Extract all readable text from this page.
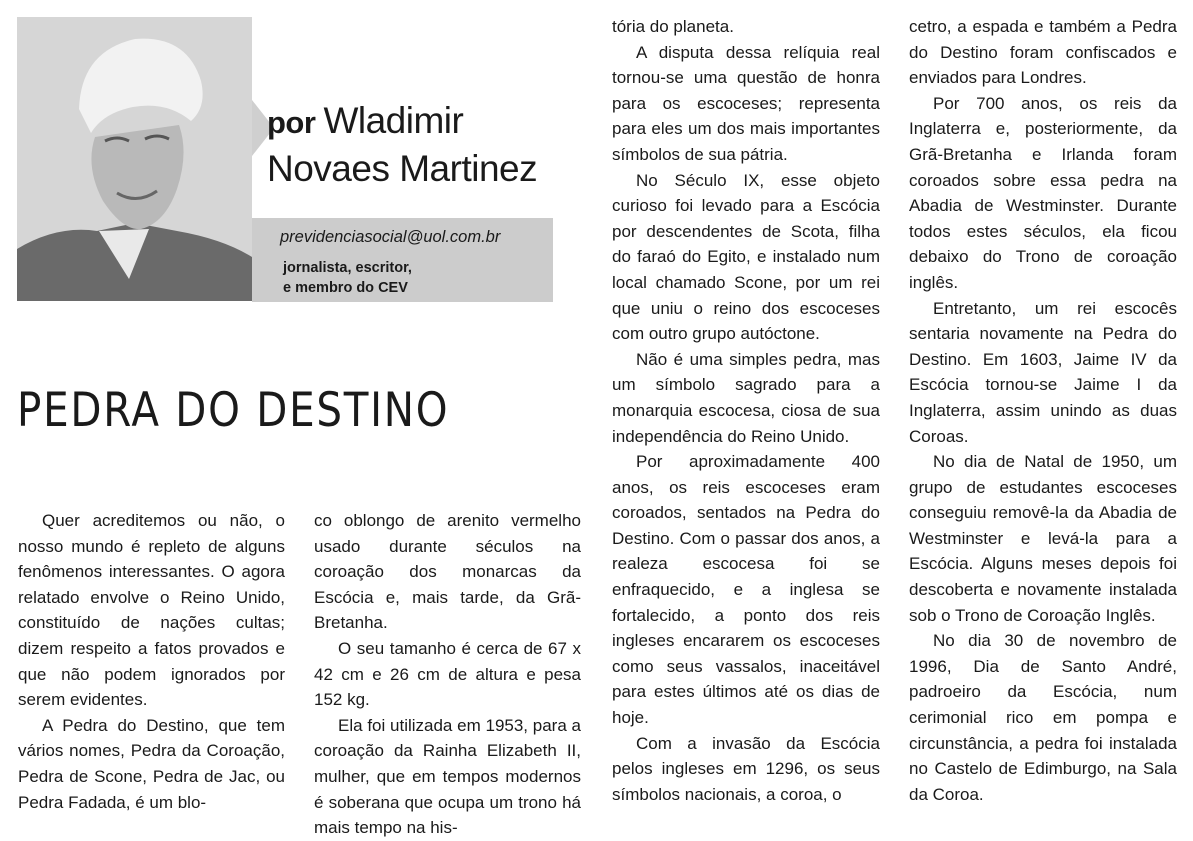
por Wladimir
Novaes Martinez
previdenciasocial@uol.com.br
jornalista, escritor,
e membro do CEV
PEDRA DO DESTINO

Quer acreditemos ou não, o nosso mundo é repleto de alguns fenômenos interessantes. O agora relatado envolve o Reino Unido, constituído de nações cultas; dizem respeito a fatos provados e que não podem ignorados por serem evidentes.

A Pedra do Destino, que tem vários nomes, Pedra da Coroação, Pedra de Scone, Pedra de Jac, ou Pedra Fadada, é um blo-

co oblongo de arenito vermelho usado durante séculos na coroação dos monarcas da Escócia e, mais tarde, da Grã-Bretanha.

O seu tamanho é cerca de 67 x 42 cm e 26 cm de altura e pesa 152 kg.

Ela foi utilizada em 1953, para a coroação da Rainha Elizabeth II, mulher, que em tempos modernos é soberana que ocupa um trono há mais tempo na his-

tória do planeta.

A disputa dessa relíquia real tornou-se uma questão de honra para os escoceses; representa para eles um dos mais importantes símbolos de sua pátria.

No Século IX, esse objeto curioso foi levado para a Escócia por descendentes de Scota, filha do faraó do Egito, e instalado num local chamado Scone, por um rei que uniu o reino dos escoceses com outro grupo autóctone.

Não é uma simples pedra, mas um símbolo sagrado para a monarquia escocesa, ciosa de sua independência do Reino Unido.

Por aproximadamente 400 anos, os reis escoceses eram coroados, sentados na Pedra do Destino. Com o passar dos anos, a realeza escocesa foi se enfraquecido, e a inglesa se fortalecido, a ponto dos reis ingleses encararem os escoceses como seus vassalos, inaceitável para estes últimos até os dias de hoje.

Com a invasão da Escócia pelos ingleses em 1296, os seus símbolos nacionais, a coroa, o

cetro, a espada e também a Pedra do Destino foram confiscados e enviados para Londres.

Por 700 anos, os reis da Inglaterra e, posteriormente, da Grã-Bretanha e Irlanda foram coroados sobre essa pedra na Abadia de Westminster. Durante todos estes séculos, ela ficou debaixo do Trono de coroação inglês.

Entretanto, um rei escocês sentaria novamente na Pedra do Destino. Em 1603, Jaime IV da Escócia tornou-se Jaime I da Inglaterra, assim unindo as duas Coroas.

No dia de Natal de 1950, um grupo de estudantes escoceses conseguiu removê-la da Abadia de Westminster e levá-la para a Escócia. Alguns meses depois foi descoberta e novamente instalada sob o Trono de Coroação Inglês.

No dia 30 de novembro de 1996, Dia de Santo André, padroeiro da Escócia, num cerimonial rico em pompa e circunstância, a pedra foi instalada no Castelo de Edimburgo, na Sala da Coroa.
